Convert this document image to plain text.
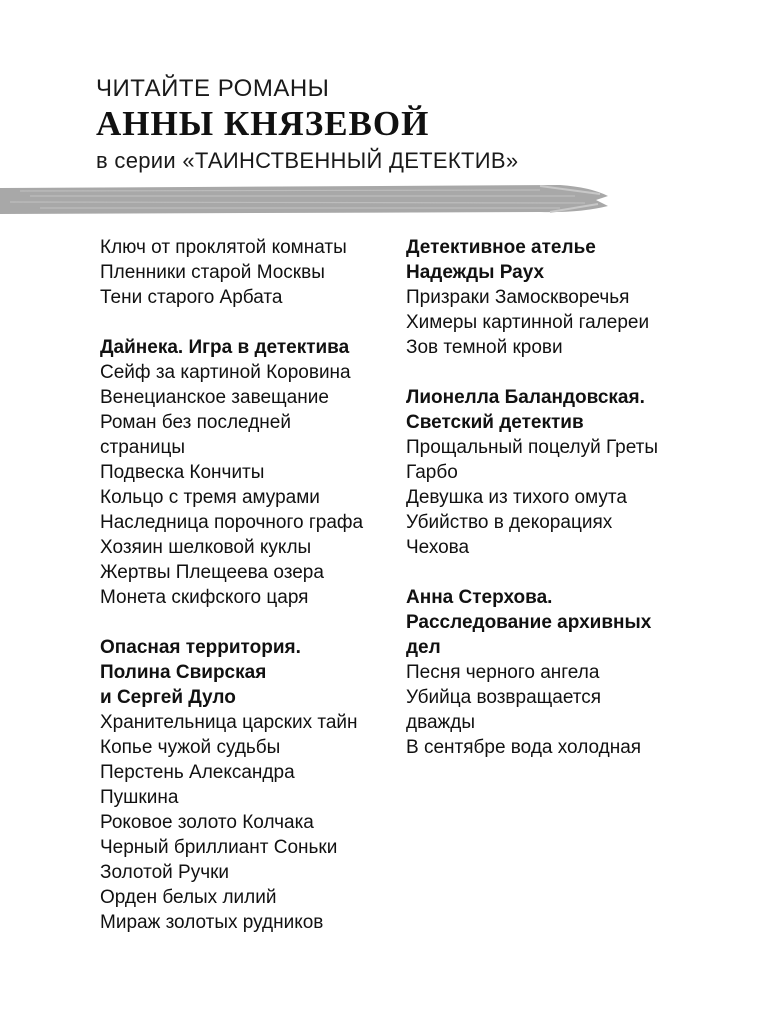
ЧИТАЙТЕ РОМАНЫ
АННЫ КНЯЗЕВОЙ
в серии «ТАИНСТВЕННЫЙ ДЕТЕКТИВ»
Ключ от проклятой комнаты
Пленники старой Москвы
Тени старого Арбата
Дайнека. Игра в детектива
Сейф за картиной Коровина
Венецианское завещание
Роман без последней
страницы
Подвеска Кончиты
Кольцо с тремя амурами
Наследница порочного графа
Хозяин шелковой куклы
Жертвы Плещеева озера
Монета скифского царя
Опасная территория.
Полина Свирская
и Сергей Дуло
Хранительница царских тайн
Копье чужой судьбы
Перстень Александра
Пушкина
Роковое золото Колчака
Черный бриллиант Соньки
Золотой Ручки
Орден белых лилий
Мираж золотых рудников
Детективное ателье
Надежды Раух
Призраки Замоскворечья
Химеры картинной галереи
Зов темной крови
Лионелла Баландовская.
Светский детектив
Прощальный поцелуй Греты
Гарбо
Девушка из тихого омута
Убийство в декорациях
Чехова
Анна Стерхова.
Расследование архивных
дел
Песня черного ангела
Убийца возвращается
дважды
В сентябре вода холодная
